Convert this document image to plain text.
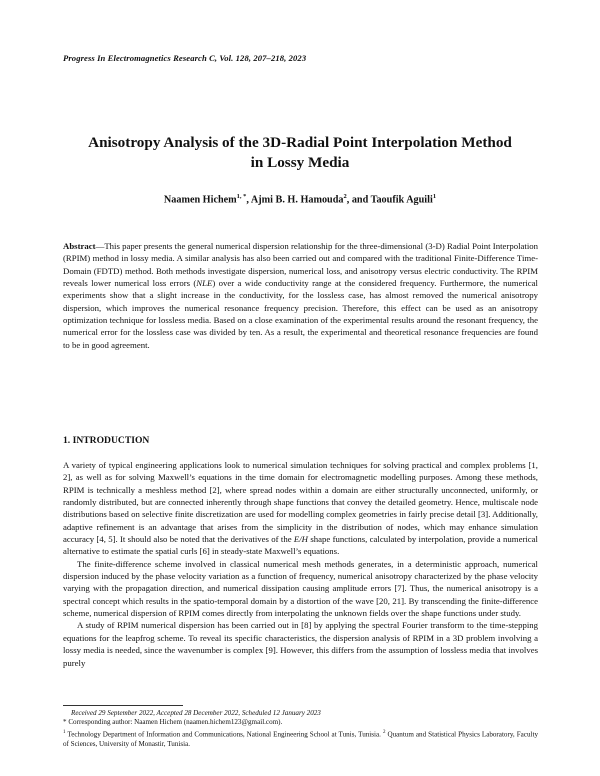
Progress In Electromagnetics Research C, Vol. 128, 207–218, 2023
Anisotropy Analysis of the 3D-Radial Point Interpolation Method
in Lossy Media
Naamen Hichem$^{1, *}$, Ajmi B. H. Hamouda$^2$, and Taoufik Aguili$^1$
Abstract—This paper presents the general numerical dispersion relationship for the three-dimensional (3-D) Radial Point Interpolation (RPIM) method in lossy media. A similar analysis has also been carried out and compared with the traditional Finite-Difference Time-Domain (FDTD) method. Both methods investigate dispersion, numerical loss, and anisotropy versus electric conductivity. The RPIM reveals lower numerical loss errors (NLE) over a wide conductivity range at the considered frequency. Furthermore, the numerical experiments show that a slight increase in the conductivity, for the lossless case, has almost removed the numerical anisotropy dispersion, which improves the numerical resonance frequency precision. Therefore, this effect can be used as an anisotropy optimization technique for lossless media. Based on a close examination of the experimental results around the resonant frequency, the numerical error for the lossless case was divided by ten. As a result, the experimental and theoretical resonance frequencies are found to be in good agreement.
1. INTRODUCTION

A variety of typical engineering applications look to numerical simulation techniques for solving practical and complex problems [1, 2], as well as for solving Maxwell’s equations in the time domain for electromagnetic modelling purposes. Among these methods, RPIM is technically a meshless method [2], where spread nodes within a domain are either structurally unconnected, uniformly, or randomly distributed, but are connected inherently through shape functions that convey the detailed geometry. Hence, multiscale node distributions based on selective finite discretization are used for modelling complex geometries in fairly precise detail [3]. Additionally, adaptive refinement is an advantage that arises from the simplicity in the distribution of nodes, which may enhance simulation accuracy [4, 5]. It should also be noted that the derivatives of the E/H shape functions, calculated by interpolation, provide a numerical alternative to estimate the spatial curls [6] in steady-state Maxwell’s equations.

The finite-difference scheme involved in classical numerical mesh methods generates, in a deterministic approach, numerical dispersion induced by the phase velocity variation as a function of frequency, numerical anisotropy characterized by the phase velocity varying with the propagation direction, and numerical dissipation causing amplitude errors [7]. Thus, the numerical anisotropy is a spectral concept which results in the spatio-temporal domain by a distortion of the wave [20, 21]. By transcending the finite-difference scheme, numerical dispersion of RPIM comes directly from interpolating the unknown fields over the shape functions under study.

A study of RPIM numerical dispersion has been carried out in [8] by applying the spectral Fourier transform to the time-stepping equations for the leapfrog scheme. To reveal its specific characteristics, the dispersion analysis of RPIM in a 3D problem involving a lossy media is needed, since the wavenumber is complex [9]. However, this differs from the assumption of lossless media that involves purely

Received 29 September 2022, Accepted 28 December 2022, Scheduled 12 January 2023

* Corresponding author: Naamen Hichem (naamen.hichem123@gmail.com).

$^1$ Technology Department of Information and Communications, National Engineering School at Tunis, Tunisia. $^2$ Quantum and Statistical Physics Laboratory, Faculty of Sciences, University of Monastir, Tunisia.
